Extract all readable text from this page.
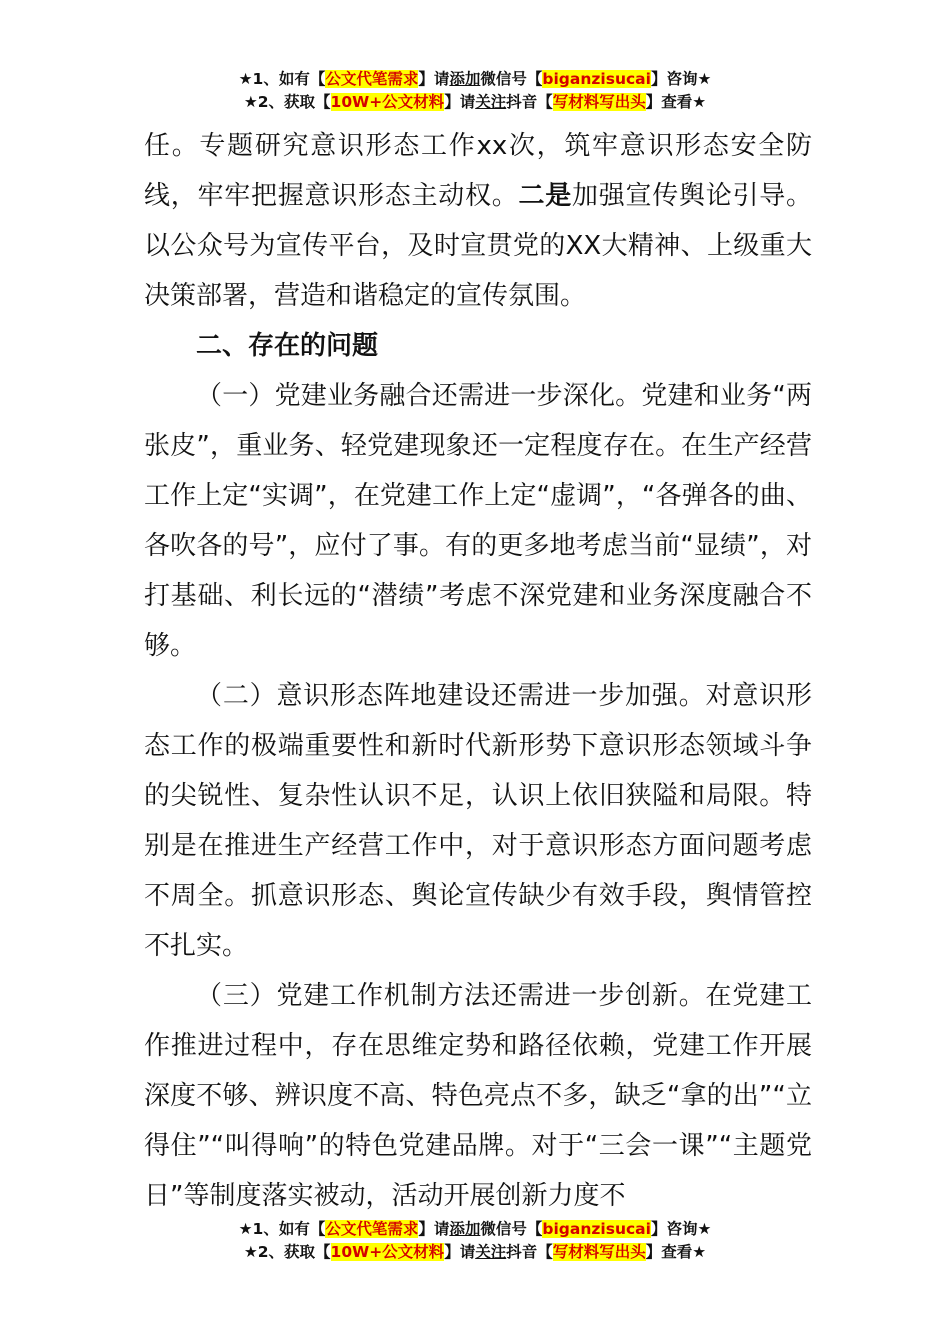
★1、如有【公文代笔需求】请添加微信号【biganzisucai】咨询★
★2、获取【10W+公文材料】请关注抖音【写材料写出头】查看★

任。专题研究意识形态工作xx次，筑牢意识形态安全防线，牢牢把握意识形态主动权。二是加强宣传舆论引导。以公众号为宣传平台，及时宣贯党的XX大精神、上级重大决策部署，营造和谐稳定的宣传氛围。

二、存在的问题

（一）党建业务融合还需进一步深化。党建和业务“两张皮”，重业务、轻党建现象还一定程度存在。在生产经营工作上定“实调”，在党建工作上定“虚调”，“各弹各的曲、各吹各的号”，应付了事。有的更多地考虑当前“显绩”，对打基础、利长远的“潜绩”考虑不深党建和业务深度融合不够。

（二）意识形态阵地建设还需进一步加强。对意识形态工作的极端重要性和新时代新形势下意识形态领域斗争的尖锐性、复杂性认识不足，认识上依旧狭隘和局限。特别是在推进生产经营工作中，对于意识形态方面问题考虑不周全。抓意识形态、舆论宣传缺少有效手段，舆情管控不扎实。

（三）党建工作机制方法还需进一步创新。在党建工作推进过程中，存在思维定势和路径依赖，党建工作开展深度不够、辨识度不高、特色亮点不多，缺乏“拿的出”“立得住”“叫得响”的特色党建品牌。对于“三会一课”“主题党日”等制度落实被动，活动开展创新力度不

★1、如有【公文代笔需求】请添加微信号【biganzisucai】咨询★
★2、获取【10W+公文材料】请关注抖音【写材料写出头】查看★
